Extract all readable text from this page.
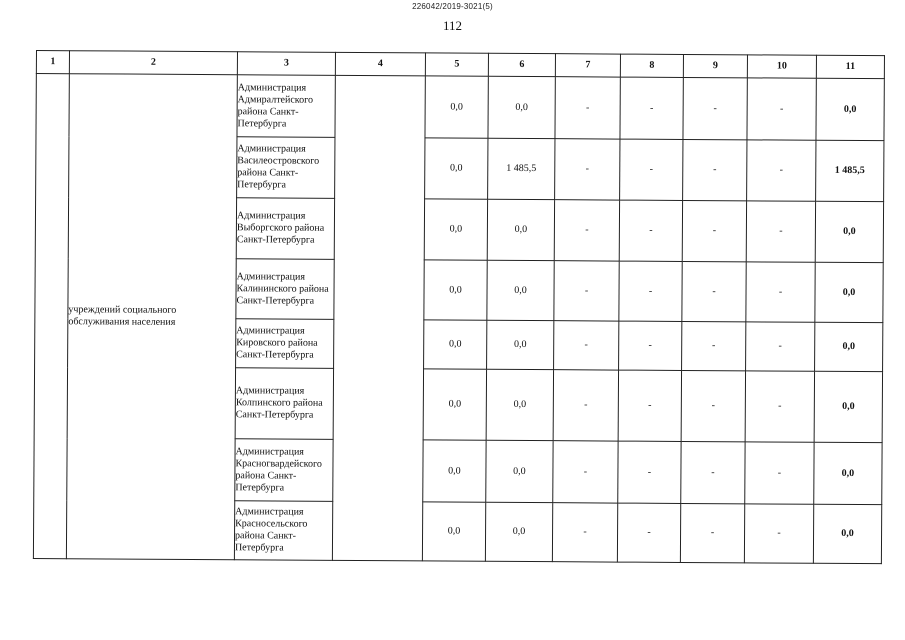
226042/2019-3021(5)
112
1	2	3	4	5	6	7	8	9	10	11

	учреждений социального обслуживания населения	Администрация Адмиралтейского района Санкт-Петербурга		0,0	0,0	-	-	-	-	0,0

		Администрация Василеостровского района Санкт-Петербурга		0,0	1 485,5	-	-	-	-	1 485,5

		Администрация Выборгского района Санкт-Петербурга		0,0	0,0	-	-	-	-	0,0

		Администрация Калининского района Санкт-Петербурга		0,0	0,0	-	-	-	-	0,0

		Администрация Кировского района Санкт-Петербурга		0,0	0,0	-	-	-	-	0,0

		Администрация Колпинского района Санкт-Петербурга		0,0	0,0	-	-	-	-	0,0

		Администрация Красногвардейского района Санкт-Петербурга		0,0	0,0	-	-	-	-	0,0

		Администрация Красносельского района Санкт-Петербурга		0,0	0,0	-	-	-	-	0,0
